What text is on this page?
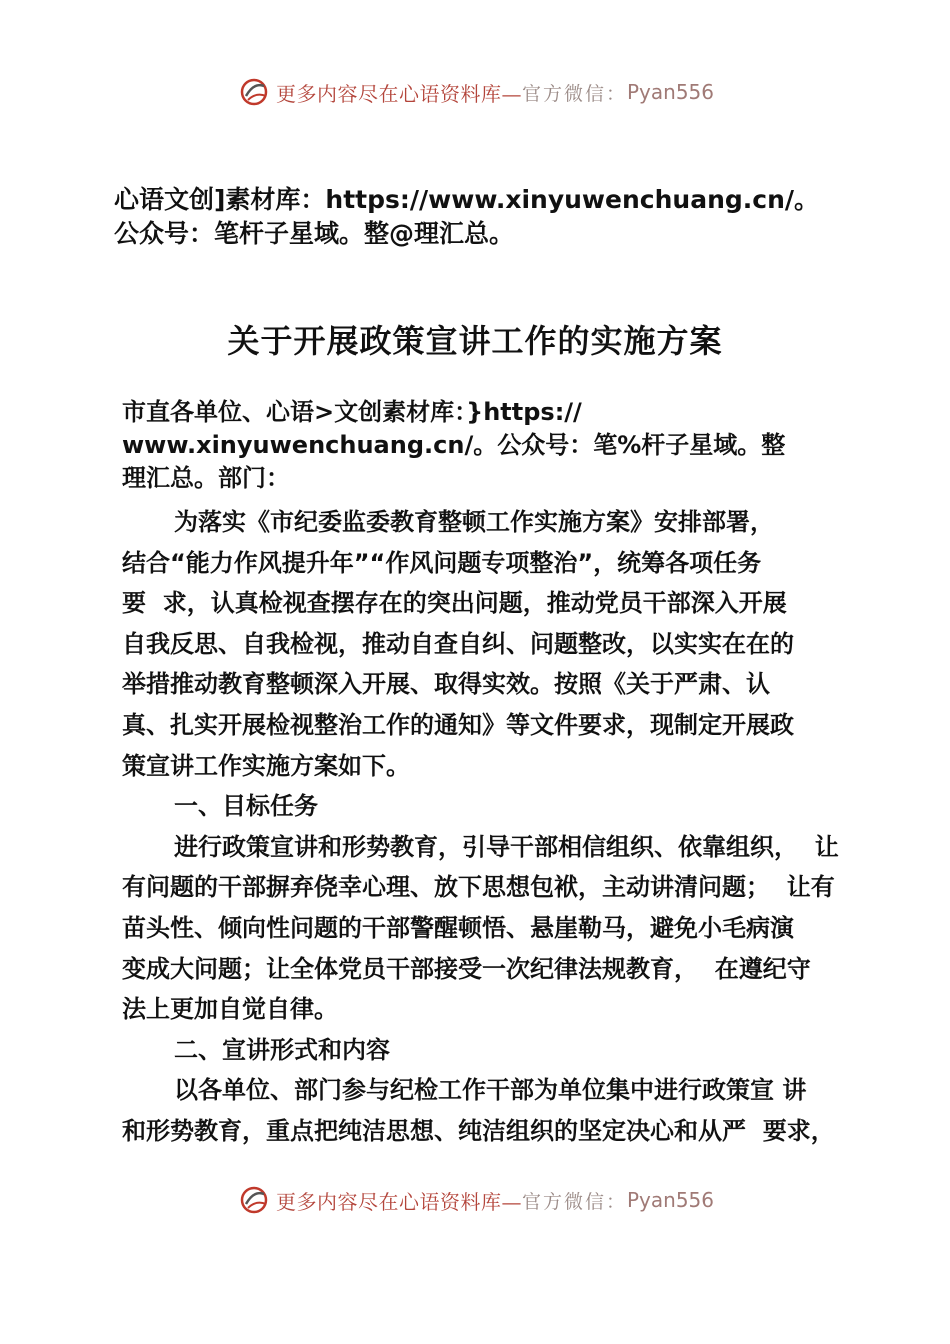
更多内容尽在心语资料库— 官方微信： Pyan556
心语文创]素材库：https://www.xinyuwenchuang.cn/。
公众号：笔杆子星域。整@理汇总。
关于开展政策宣讲工作的实施方案
市直各单位、心语>文创素材库：}https://
www.xinyuwenchuang.cn/。公众号：笔%杆子星域。整
理汇总。部门：
为落实《市纪委监委教育整顿工作实施方案》安排部署，
结合“能力作风提升年”“作风问题专项整治”，统筹各项任务
要  求，认真检视查摆存在的突出问题，推动党员干部深入开展
自我反思、自我检视，推动自查自纠、问题整改，以实实在在的
举措推动教育整顿深入开展、取得实效。按照《关于严肃、认
真、扎实开展检视整治工作的通知》等文件要求，现制定开展政
策宣讲工作实施方案如下。
一、目标任务
进行政策宣讲和形势教育，引导干部相信组织、依靠组织，  让
有问题的干部摒弃侥幸心理、放下思想包袱，主动讲清问题；  让有
苗头性、倾向性问题的干部警醒顿悟、悬崖勒马，避免小毛病演
变成大问题；让全体党员干部接受一次纪律法规教育，  在遵纪守
法上更加自觉自律。
二、宣讲形式和内容
以各单位、部门参与纪检工作干部为单位集中进行政策宣 讲
和形势教育，重点把纯洁思想、纯洁组织的坚定决心和从严  要求，
更多内容尽在心语资料库— 官方微信： Pyan556
